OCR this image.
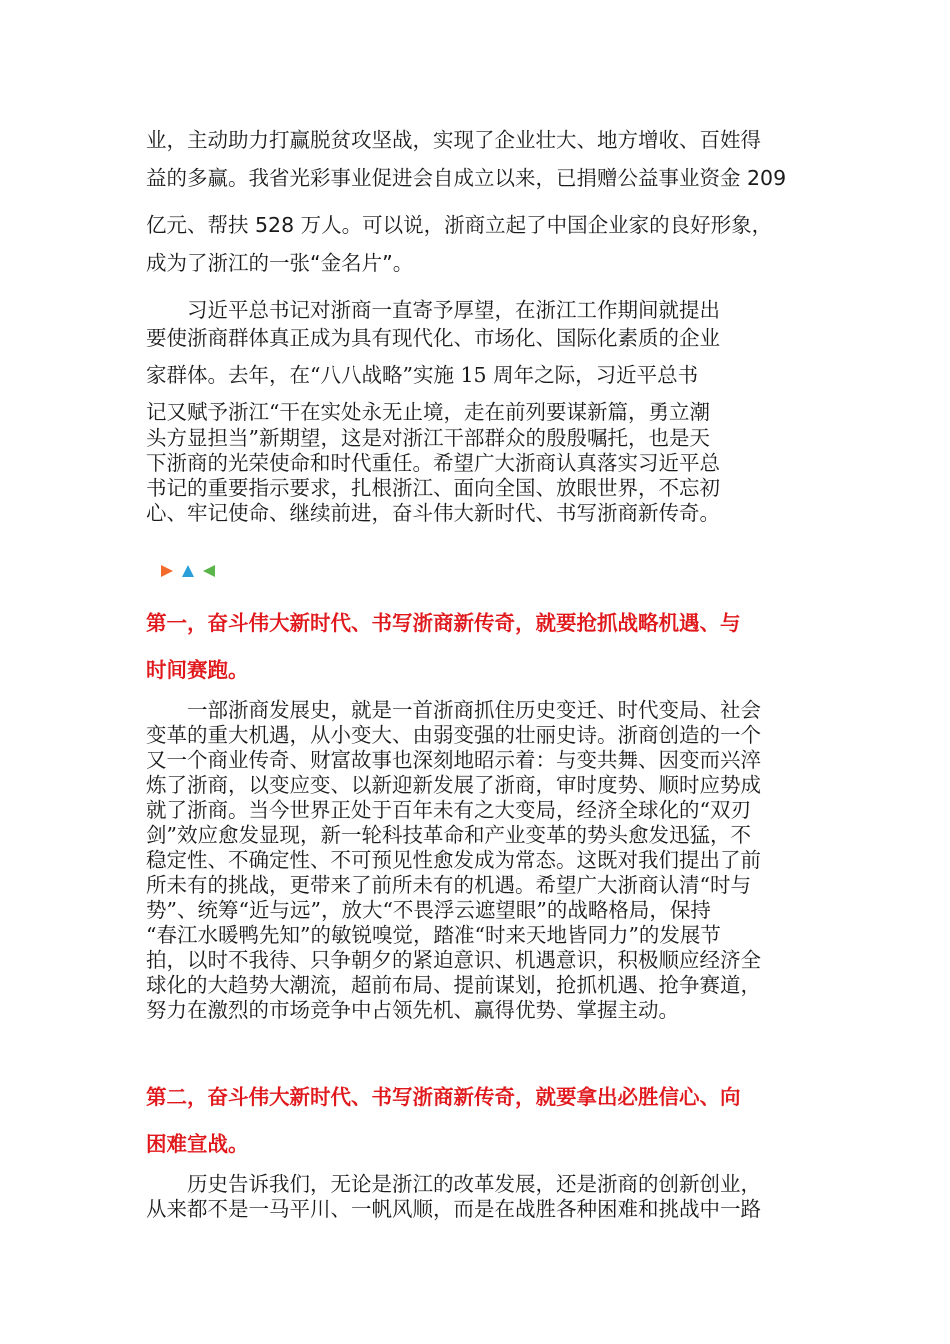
业，主动助力打赢脱贫攻坚战，实现了企业壮大、地方增收、百姓得
益的多赢。我省光彩事业促进会自成立以来，已捐赠公益事业资金 209
亿元、帮扶 528 万人。可以说，浙商立起了中国企业家的良好形象，
成为了浙江的一张“金名片”。
　　习近平总书记对浙商一直寄予厚望，在浙江工作期间就提出
要使浙商群体真正成为具有现代化、市场化、国际化素质的企业
家群体。去年，在“八八战略”实施 15 周年之际，习近平总书
记又赋予浙江“干在实处永无止境，走在前列要谋新篇，勇立潮
头方显担当”新期望，这是对浙江干部群众的殷殷嘱托，也是天
下浙商的光荣使命和时代重任。希望广大浙商认真落实习近平总
书记的重要指示要求，扎根浙江、面向全国、放眼世界，不忘初
心、牢记使命、继续前进，奋斗伟大新时代、书写浙商新传奇。
第一，奋斗伟大新时代、书写浙商新传奇，就要抢抓战略机遇、与
时间赛跑。
　　一部浙商发展史，就是一首浙商抓住历史变迁、时代变局、社会
变革的重大机遇，从小变大、由弱变强的壮丽史诗。浙商创造的一个
又一个商业传奇、财富故事也深刻地昭示着：与变共舞、因变而兴淬
炼了浙商，以变应变、以新迎新发展了浙商，审时度势、顺时应势成
就了浙商。当今世界正处于百年未有之大变局，经济全球化的“双刃
剑”效应愈发显现，新一轮科技革命和产业变革的势头愈发迅猛，不
稳定性、不确定性、不可预见性愈发成为常态。这既对我们提出了前
所未有的挑战，更带来了前所未有的机遇。希望广大浙商认清“时与
势”、统筹“近与远”，放大“不畏浮云遮望眼”的战略格局，保持
“春江水暖鸭先知”的敏锐嗅觉，踏准“时来天地皆同力”的发展节
拍，以时不我待、只争朝夕的紧迫意识、机遇意识，积极顺应经济全
球化的大趋势大潮流，超前布局、提前谋划，抢抓机遇、抢争赛道，
努力在激烈的市场竞争中占领先机、赢得优势、掌握主动。
第二，奋斗伟大新时代、书写浙商新传奇，就要拿出必胜信心、向
困难宣战。
　　历史告诉我们，无论是浙江的改革发展，还是浙商的创新创业，
从来都不是一马平川、一帆风顺，而是在战胜各种困难和挑战中一路
